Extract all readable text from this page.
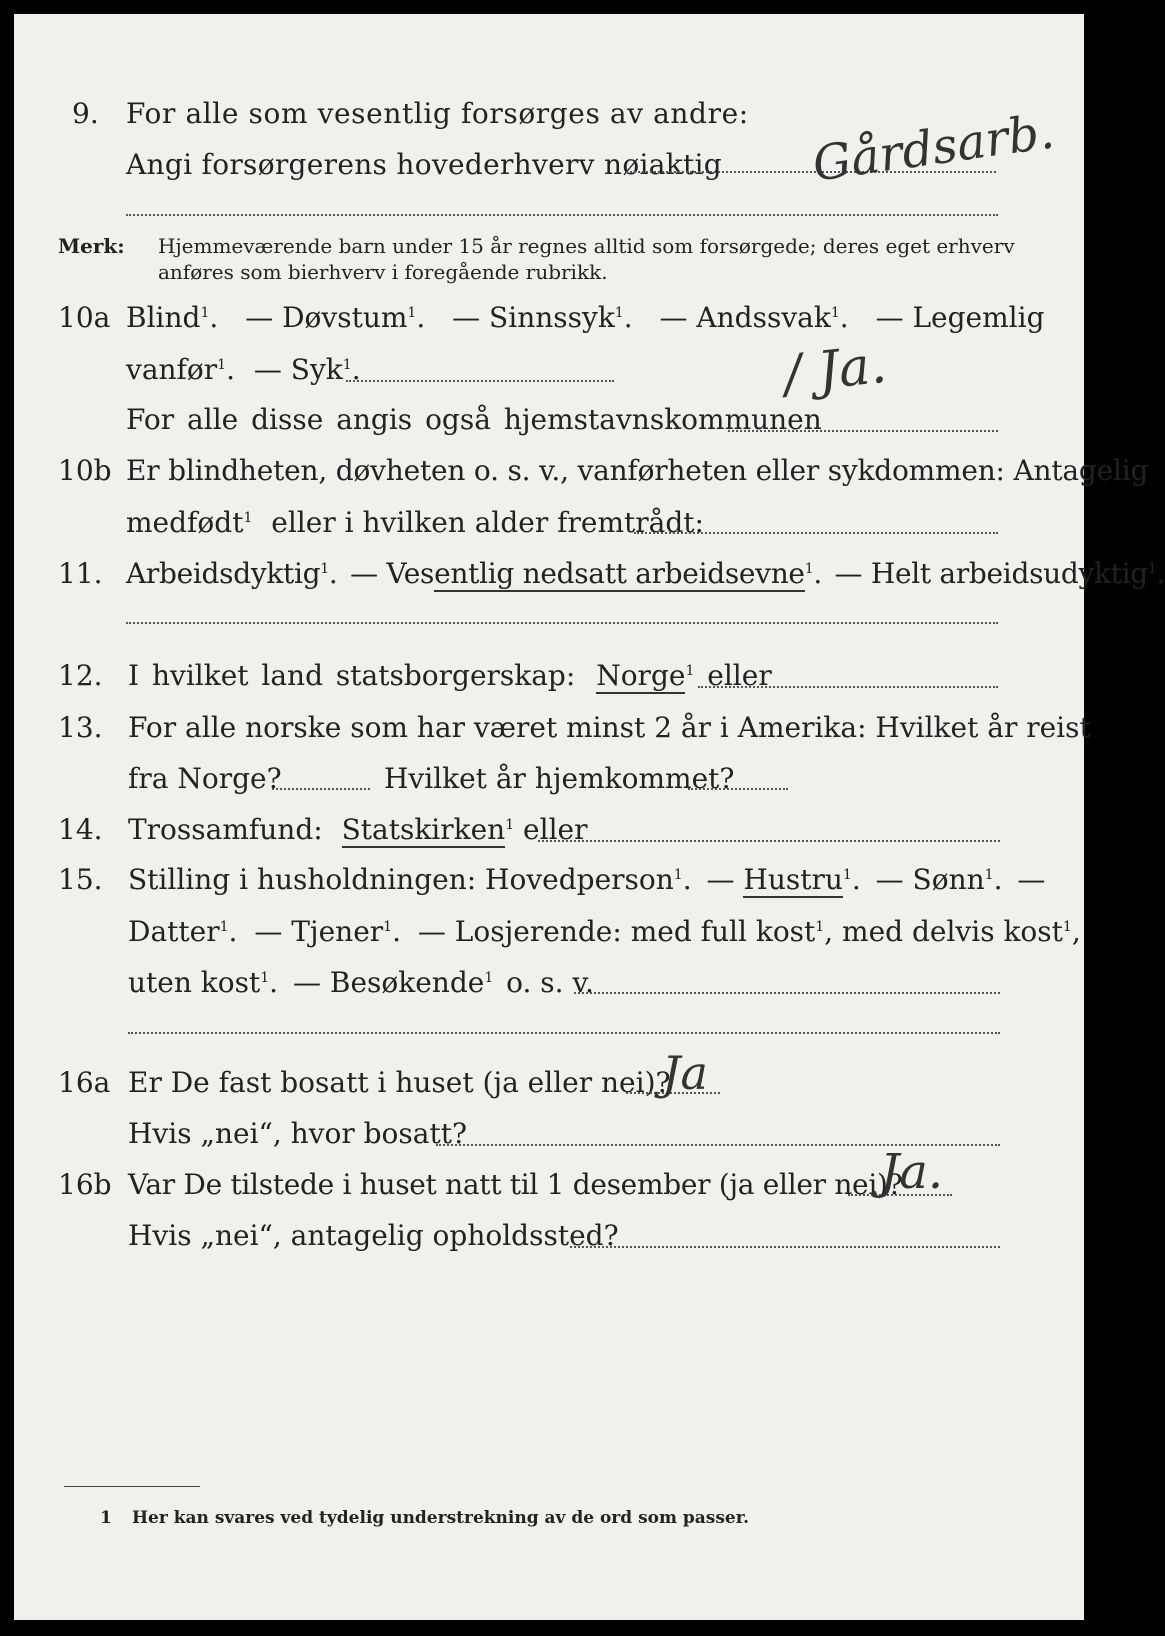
9. For alle som vesentlig forsørges av andre:
Angi forsørgerens hovederhverv nøiaktig Gårdsarb.
Merk: Hjemmeværende barn under 15 år regnes alltid som forsørgede; deres eget erhverv
anføres som bierhverv i foregående rubrikk.
10a Blind$^1$. — Døvstum$^1$. — Sinnssyk$^1$. — Andssvak$^1$. — Legemlig
vanfør$^1$. — Syk$^1$.
For alle disse angis også hjemstavnskommunen
/ Ja.
10b Er blindheten, døvheten o. s. v., vanførheten eller sykdommen: Antagelig
medfødt$^1$ eller i hvilken alder fremtrådt:
11. Arbeidsdyktig$^1$. — Vesentlig nedsatt arbeidsevne$^1$. — Helt arbeidsudyktig$^1$.
12. I hvilket land statsborgerskap: Norge$^1$ eller
13. For alle norske som har været minst 2 år i Amerika: Hvilket år reist
fra Norge?	Hvilket år hjemkommet?
14. Trossamfund: Statskirken$^1$ eller
15. Stilling i husholdningen: Hovedperson$^1$. — Hustru$^1$. — Sønn$^1$. —
Datter$^1$. — Tjener$^1$. — Losjerende: med full kost$^1$, med delvis kost$^1$,
uten kost$^1$. — Besøkende$^1$ o. s. v.
16a Er De fast bosatt i huset (ja eller nei)?
Ja
Hvis „nei“, hvor bosatt?
16b Var De tilstede i huset natt til 1 desember (ja eller nei)?
Ja.
Hvis „nei“, antagelig opholdssted?
1 Her kan svares ved tydelig understrekning av de ord som passer.
